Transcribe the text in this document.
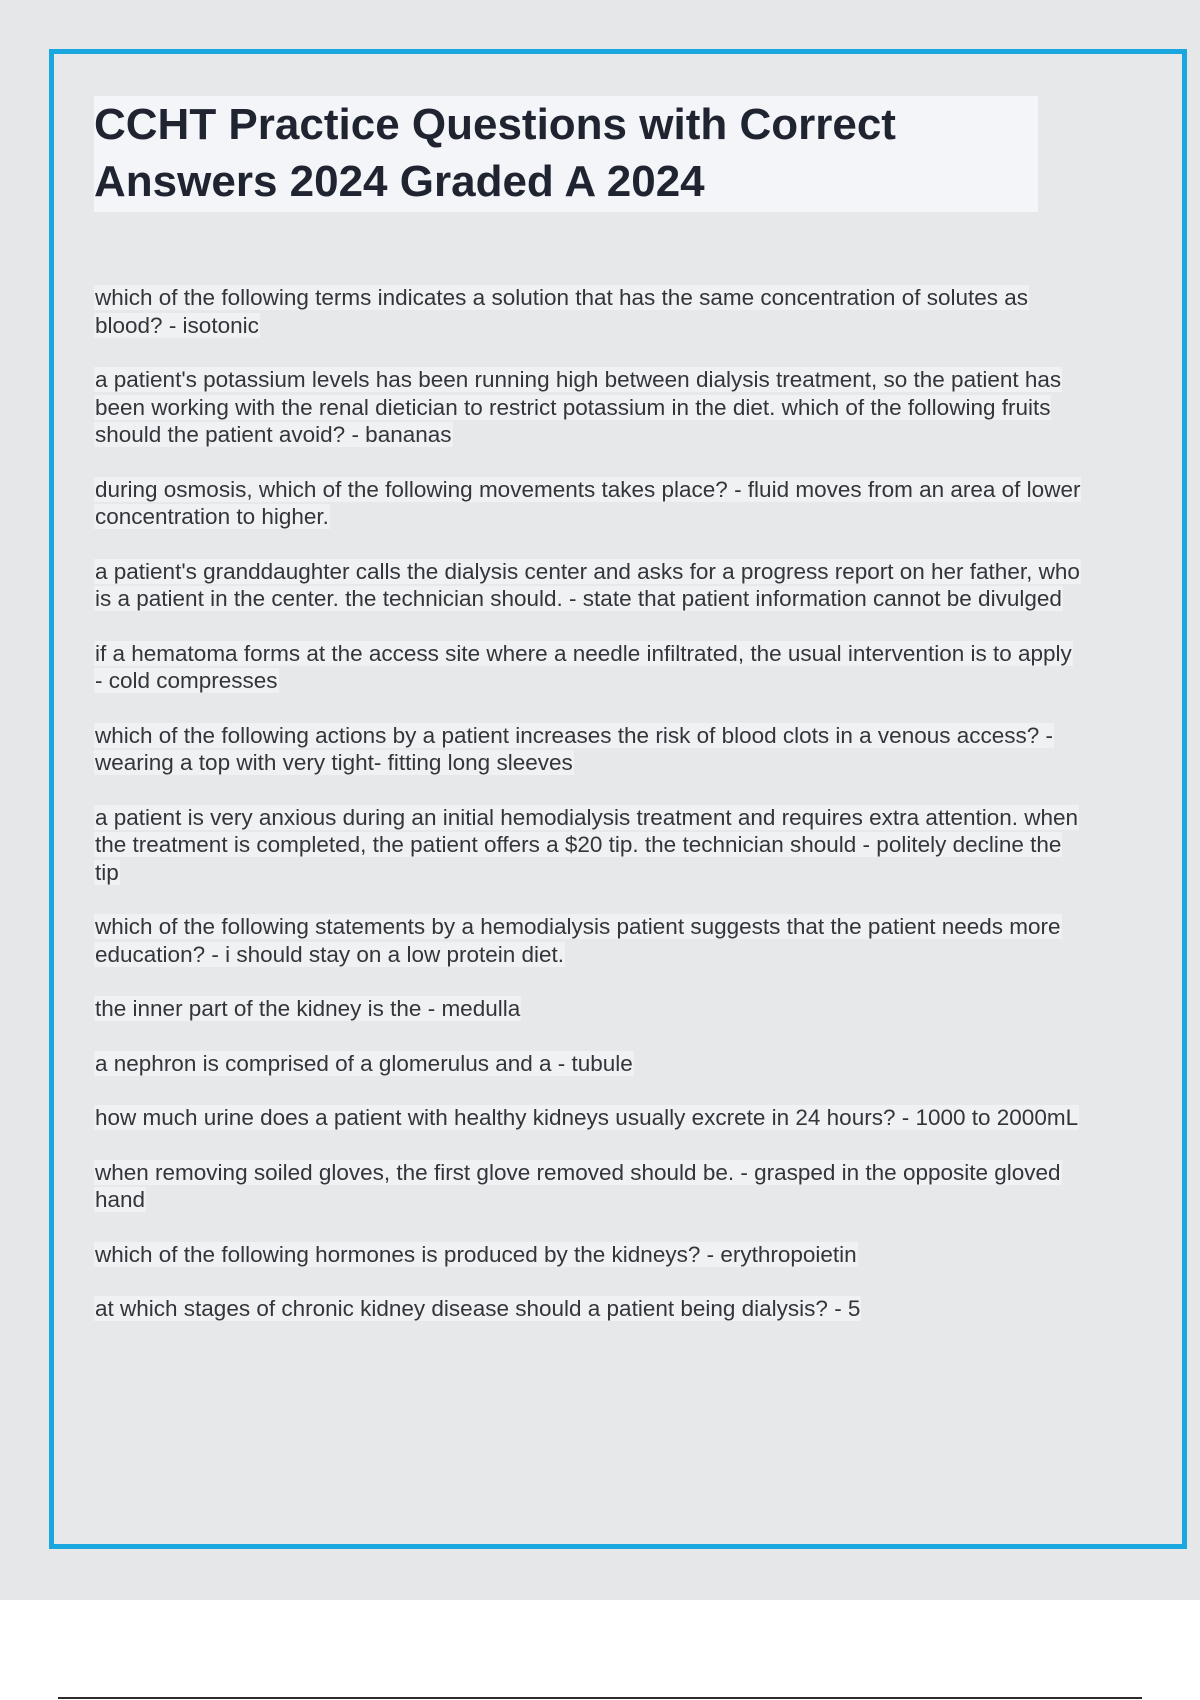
CCHT Practice Questions with Correct Answers 2024 Graded A 2024

which of the following terms indicates a solution that has the same concentration of solutes as blood? - isotonic

a patient's potassium levels has been running high between dialysis treatment, so the patient has been working with the renal dietician to restrict potassium in the diet. which of the following fruits should the patient avoid? - bananas

during osmosis, which of the following movements takes place? - fluid moves from an area of lower concentration to higher.

a patient's granddaughter calls the dialysis center and asks for a progress report on her father, who is a patient in the center. the technician should. - state that patient information cannot be divulged

if a hematoma forms at the access site where a needle infiltrated, the usual intervention is to apply - cold compresses

which of the following actions by a patient increases the risk of blood clots in a venous access? - wearing a top with very tight- fitting long sleeves

a patient is very anxious during an initial hemodialysis treatment and requires extra attention. when the treatment is completed, the patient offers a $20 tip. the technician should - politely decline the tip

which of the following statements by a hemodialysis patient suggests that the patient needs more education? - i should stay on a low protein diet.

the inner part of the kidney is the - medulla

a nephron is comprised of a glomerulus and a - tubule

how much urine does a patient with healthy kidneys usually excrete in 24 hours? - 1000 to 2000mL

when removing soiled gloves, the first glove removed should be. - grasped in the opposite gloved hand

which of the following hormones is produced by the kidneys? - erythropoietin

at which stages of chronic kidney disease should a patient being dialysis? - 5
